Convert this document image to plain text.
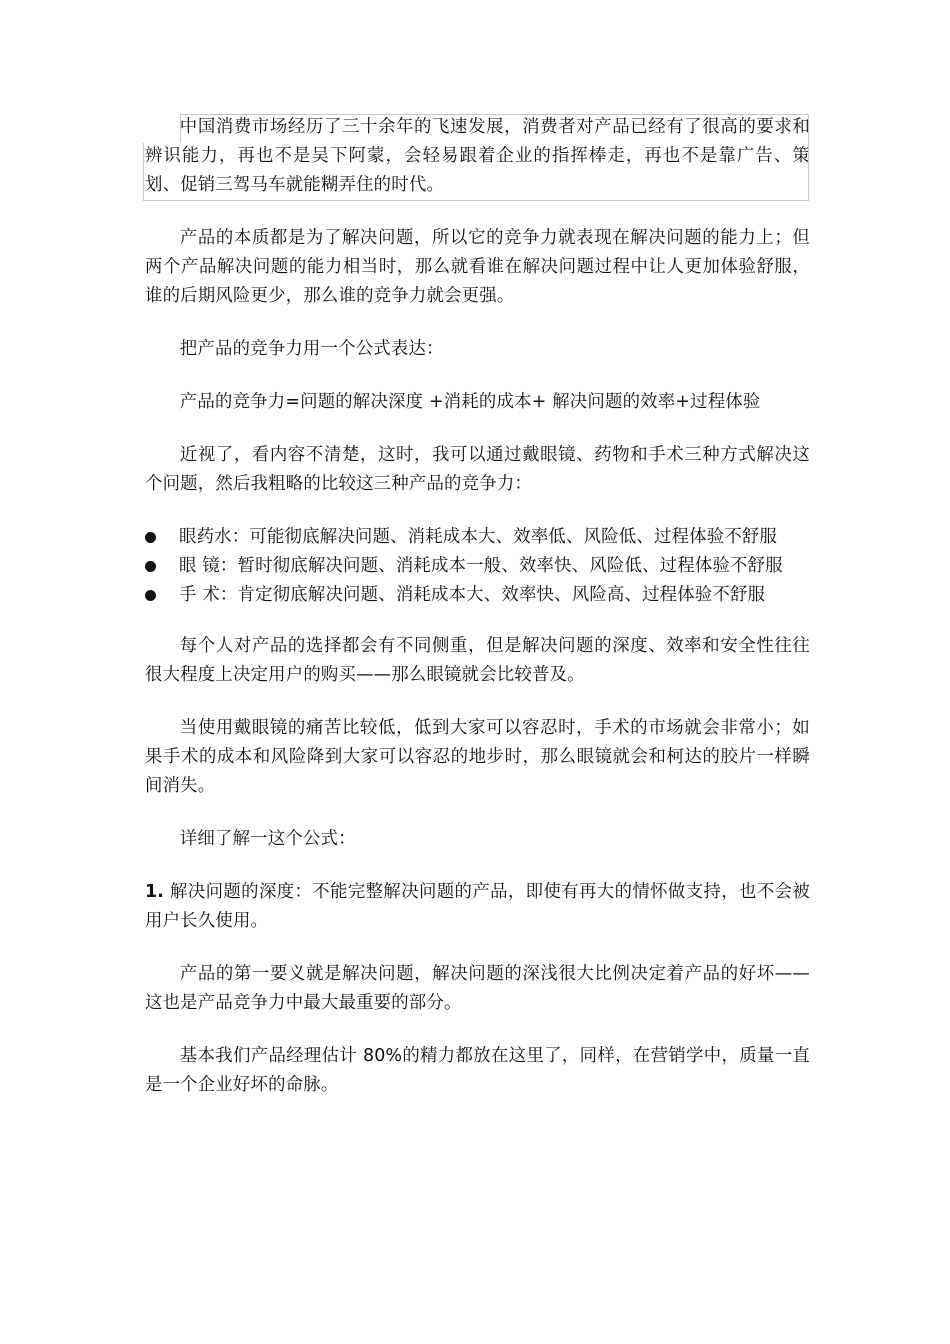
中国消费市场经历了三十余年的飞速发展，消费者对产品已经有了很高的要求和辨识能力，再也不是吴下阿蒙，会轻易跟着企业的指挥棒走，再也不是靠广告、策划、促销三驾马车就能糊弄住的时代。

产品的本质都是为了解决问题，所以它的竞争力就表现在解决问题的能力上；但两个产品解决问题的能力相当时，那么就看谁在解决问题过程中让人更加体验舒服，谁的后期风险更少，那么谁的竞争力就会更强。

把产品的竞争力用一个公式表达：

产品的竞争力=问题的解决深度 +消耗的成本+ 解决问题的效率+过程体验

近视了，看内容不清楚，这时，我可以通过戴眼镜、药物和手术三种方式解决这个问题，然后我粗略的比较这三种产品的竞争力：

眼药水：可能彻底解决问题、消耗成本大、效率低、风险低、过程体验不舒服
眼 镜：暂时彻底解决问题、消耗成本一般、效率快、风险低、过程体验不舒服
手 术：肯定彻底解决问题、消耗成本大、效率快、风险高、过程体验不舒服

每个人对产品的选择都会有不同侧重，但是解决问题的深度、效率和安全性往往很大程度上决定用户的购买——那么眼镜就会比较普及。

当使用戴眼镜的痛苦比较低，低到大家可以容忍时，手术的市场就会非常小；如果手术的成本和风险降到大家可以容忍的地步时，那么眼镜就会和柯达的胶片一样瞬间消失。

详细了解一这个公式：

1. 解决问题的深度：不能完整解决问题的产品，即使有再大的情怀做支持，也不会被用户长久使用。

产品的第一要义就是解决问题，解决问题的深浅很大比例决定着产品的好坏——这也是产品竞争力中最大最重要的部分。

基本我们产品经理估计 80%的精力都放在这里了，同样，在营销学中，质量一直是一个企业好坏的命脉。
